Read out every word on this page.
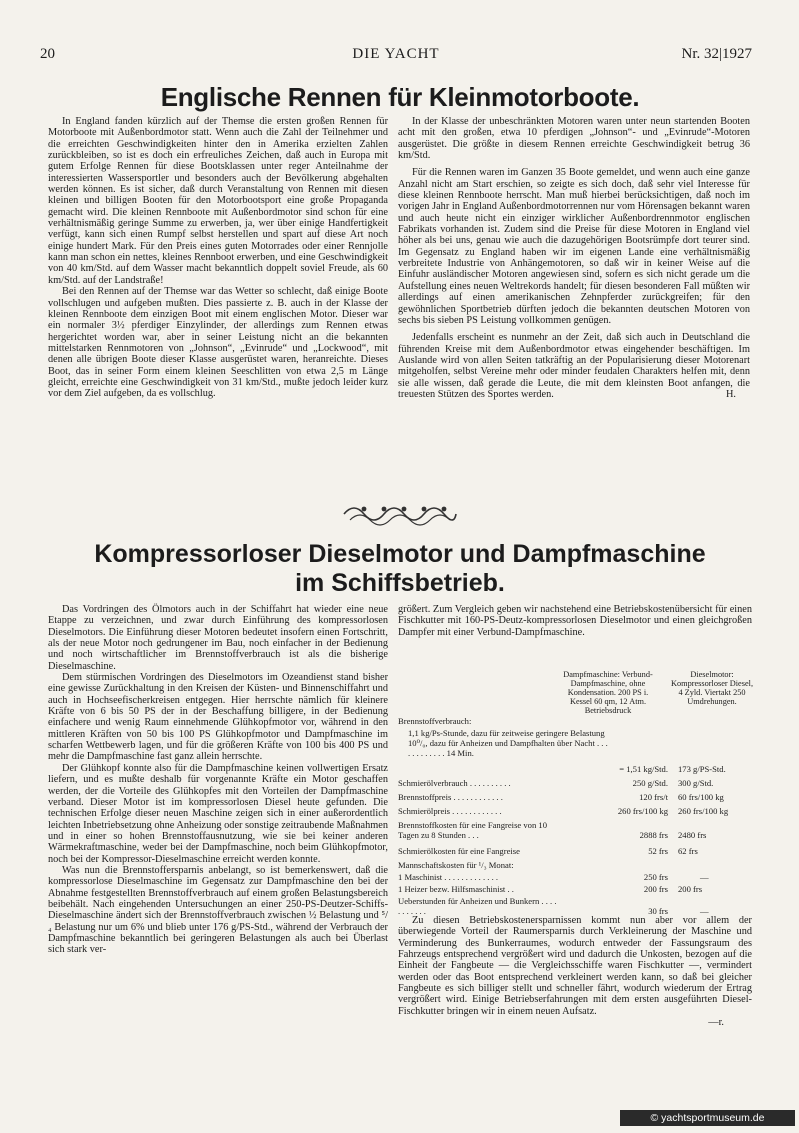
20	DIE YACHT	Nr. 32|1927
Englische Rennen für Kleinmotorboote.

In England fanden kürzlich auf der Themse die ersten großen Rennen für Motorboote mit Außenbordmotor statt. Wenn auch die Zahl der Teilnehmer und die erreichten Geschwindigkeiten hinter den in Amerika erzielten Zahlen zurückbleiben, so ist es doch ein erfreuliches Zeichen, daß auch in Europa mit gutem Erfolge Rennen für diese Bootsklassen unter reger Anteilnahme der interessierten Wassersportler und besonders auch der Bevölkerung abgehalten werden können. Es ist sicher, daß durch Veranstaltung von Rennen mit diesen kleinen und billigen Booten für den Motorbootsport eine große Propaganda gemacht wird. Die kleinen Rennboote mit Außenbordmotor sind schon für eine verhältnismäßig geringe Summe zu erwerben, ja, wer über einige Handfertigkeit verfügt, kann sich einen Rumpf selbst herstellen und spart auf diese Art noch einige hundert Mark. Für den Preis eines guten Motorrades oder einer Rennjolle kann man schon ein nettes, kleines Rennboot erwerben, und eine Geschwindigkeit von 40 km/Std. auf dem Wasser macht bekanntlich doppelt soviel Freude, als 60 km/Std. auf der Landstraße!

Bei den Rennen auf der Themse war das Wetter so schlecht, daß einige Boote vollschlugen und aufgeben mußten. Dies passierte z. B. auch in der Klasse der kleinen Rennboote dem einzigen Boot mit einem englischen Motor. Dieser war ein normaler 3½ pferdiger Einzylinder, der allerdings zum Rennen etwas hergerichtet worden war, aber in seiner Leistung nicht an die bekannten mittelstarken Rennmotoren von „Johnson“, „Evinrude“ und „Lockwood“, mit denen alle übrigen Boote dieser Klasse ausgerüstet waren, heranreichte. Dieses Boot, das in seiner Form einem kleinen Seeschlitten von etwa 2,5 m Länge gleicht, erreichte eine Geschwindigkeit von 31 km/Std., mußte jedoch leider kurz vor dem Ziel aufgeben, da es vollschlug.

In der Klasse der unbeschränkten Motoren waren unter neun startenden Booten acht mit den großen, etwa 10 pferdigen „Johnson“- und „Evinrude“-Motoren ausgerüstet. Die größte in diesem Rennen erreichte Geschwindigkeit betrug 36 km/Std.

Für die Rennen waren im Ganzen 35 Boote gemeldet, und wenn auch eine ganze Anzahl nicht am Start erschien, so zeigte es sich doch, daß sehr viel Interesse für diese kleinen Rennboote herrscht. Man muß hierbei berücksichtigen, daß noch im vorigen Jahr in England Außenbordmotorrennen nur vom Hörensagen bekannt waren und auch heute nicht ein einziger wirklicher Außenbordrennmotor englischen Fabrikats vorhanden ist. Zudem sind die Preise für diese Motoren in England viel höher als bei uns, genau wie auch die dazugehörigen Bootsrümpfe dort teurer sind. Im Gegensatz zu England haben wir im eigenen Lande eine verhältnismäßig verbreitete Industrie von Anhängemotoren, so daß wir in keiner Weise auf die Einfuhr ausländischer Motoren angewiesen sind, sofern es sich nicht gerade um die Aufstellung eines neuen Weltrekords handelt; für diesen besonderen Fall müßten wir allerdings auf einen amerikanischen Zehnpferder zurückgreifen; für den gewöhnlichen Sportbetrieb dürften jedoch die bekannten deutschen Motoren von sechs bis sieben PS Leistung vollkommen genügen.

Jedenfalls erscheint es nunmehr an der Zeit, daß sich auch in Deutschland die führenden Kreise mit dem Außenbordmotor etwas eingehender beschäftigen. Im Auslande wird von allen Seiten tatkräftig an der Popularisierung dieser Motorenart mitgeholfen, selbst Vereine mehr oder minder feudalen Charakters helfen mit, denn sie alle wissen, daß gerade die Leute, die mit dem kleinsten Boot anfangen, die treuesten Stützen des Sportes werden.	H.
Kompressorloser Dieselmotor und Dampfmaschine
im Schiffsbetrieb.

Das Vordringen des Ölmotors auch in der Schiffahrt hat wieder eine neue Etappe zu verzeichnen, und zwar durch Einführung des kompressorlosen Dieselmotors. Die Einführung dieser Motoren bedeutet insofern einen Fortschritt, als der neue Motor noch gedrungener im Bau, noch einfacher in der Bedienung und noch wirtschaftlicher im Brennstoffverbrauch ist als die bisherige Dieselmaschine.

Dem stürmischen Vordringen des Dieselmotors im Ozeandienst stand bisher eine gewisse Zurückhaltung in den Kreisen der Küsten- und Binnenschiffahrt und auch in Hochseefischerkreisen entgegen. Hier herrschte nämlich für kleinere Kräfte von 6 bis 50 PS der in der Beschaffung billigere, in der Bedienung einfachere und wenig Raum einnehmende Glühkopfmotor vor, während in den mittleren Kräften von 50 bis 100 PS Glühkopfmotor und Dampfmaschine im scharfen Wettbewerb lagen, und für die größeren Kräfte von 100 bis 400 PS und mehr die Dampfmaschine fast ganz allein herrschte.

Der Glühkopf konnte also für die Dampfmaschine keinen vollwertigen Ersatz liefern, und es mußte deshalb für vorgenannte Kräfte ein Motor geschaffen werden, der die Vorteile des Glühkopfes mit den Vorteilen der Dampfmaschine verband. Dieser Motor ist im kompressorlosen Diesel heute gefunden. Die technischen Erfolge dieser neuen Maschine zeigen sich in einer außerordentlich leichten Inbetriebsetzung ohne Anheizung oder sonstige zeitraubende Maßnahmen und in einer so hohen Brennstoffausnutzung, wie sie bei keiner anderen Wärmekraftmaschine, weder bei der Dampfmaschine, noch beim Glühkopfmotor, noch bei der Kompressor-Dieselmaschine erreicht werden konnte.

Was nun die Brennstoffersparnis anbelangt, so ist bemerkenswert, daß die kompressorlose Dieselmaschine im Gegensatz zur Dampfmaschine den bei der Abnahme festgestellten Brennstoffverbrauch auf einem großen Belastungsbereich beibehält. Nach eingehenden Untersuchungen an einer 250-PS-Deutzer-Schiffs-Dieselmaschine ändert sich der Brennstoffverbrauch zwischen ½ Belastung und ⁵/₄ Belastung nur um 6% und blieb unter 176 g/PS-Std., während der Verbrauch der Dampfmaschine bekanntlich bei geringeren Belastungen als auch bei Überlast sich stark ver-

größert. Zum Vergleich geben wir nachstehend eine Betriebskostenübersicht für einen Fischkutter mit 160-PS-Deutz-kompressorlosen Dieselmotor und einen gleichgroßen Dampfer mit einer Verbund-Dampfmaschine.

Dampfmaschine: Verbund-Dampfmaschine, ohne Kondensation. 200 PS i. Kessel 60 qm, 12 Atm. Betriebsdruck
Dieselmotor: Kompressorloser Diesel, 4 Zyld. Viertakt 250 Umdrehungen.
Brennstoffverbrauch:
1,1 kg/Ps-Stunde, dazu für zeitweise geringere Belastung 10⁰/₀, dazu für Anheizen und Dampfhalten über Nacht . . . . . . . . . . . . 14 Min.
= 1,51 kg/Std. 173 g/PS-Std.
Schmierölverbrauch . . . . . . . . . .	250 g/Std. 300 g/Std.
Brennstoffpreis . . . . . . . . . . . .	120 frs/t 60 frs/100 kg
Schmierölpreis . . . . . . . . . . . .	260 frs/100 kg 260 frs/100 kg
Brennstoffkosten für eine Fangreise von 10 Tagen zu 8 Stunden . . .	2888 frs 2480 frs
Schmierölkosten für eine Fangreise	52 frs 62 frs
Mannschaftskosten für ¹/₃ Monat:
1 Maschinist . . . . . . . . . . . . .	250 frs	—
1 Heizer bezw. Hilfsmaschinist . .	200 frs 200 frs
Ueberstunden für Anheizen und Bunkern . . . . . . . . . . .	30 frs	—

Zu diesen Betriebskostenersparnissen kommt nun aber vor allem der überwiegende Vorteil der Raumersparnis durch Verkleinerung der Maschine und Verminderung des Bunkerraumes, wodurch entweder der Fassungsraum des Fahrzeugs entsprechend vergrößert wird und dadurch die Unkosten, bezogen auf die Einheit der Fangbeute — die Vergleichsschiffe waren Fischkutter —, vermindert werden oder das Boot entsprechend verkleinert werden kann, so daß bei gleicher Fangbeute es sich billiger stellt und schneller fährt, wodurch wiederum der Ertrag vergrößert wird. Einige Betriebserfahrungen mit dem ersten ausgeführten Diesel-Fischkutter bringen wir in einem neuen Aufsatz.

—r.
© yachtsportmuseum.de
